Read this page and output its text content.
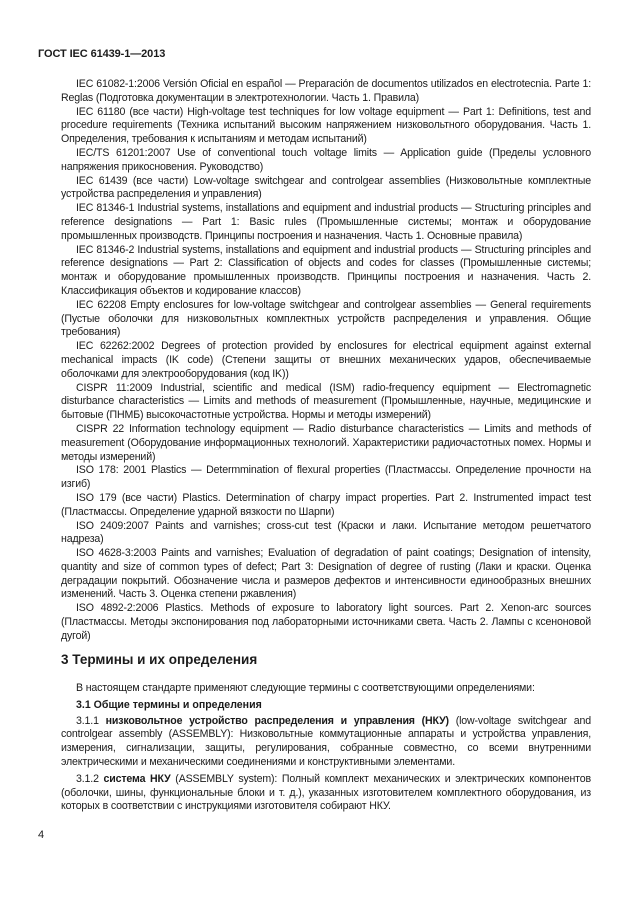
ГОСТ IEC 61439-1—2013

IEC 61082-1:2006 Versión Oficial en español — Preparación de documentos utilizados en electrotecnia. Parte 1: Reglas (Подготовка документации в электротехнологии. Часть 1. Правила)

IEC 61180 (все части) High-voltage test techniques for low voltage equipment — Part 1: Definitions, test and procedure requirements (Техника испытаний высоким напряжением низковольтного оборудования. Часть 1. Определения, требования к испытаниям и методам испытаний)

IEC/TS 61201:2007 Use of conventional touch voltage limits — Application guide (Пределы условного напряжения прикосновения. Руководство)

IEC 61439 (все части) Low-voltage switchgear and controlgear assemblies (Низковольтные комплектные устройства распределения и управления)

IEC 81346-1 Industrial systems, installations and equipment and industrial products — Structuring principles and reference designations — Part 1: Basic rules (Промышленные системы; монтаж и оборудование промышленных производств. Принципы построения и назначения. Часть 1. Основные правила)

IEC 81346-2 Industrial systems, installations and equipment and industrial products — Structuring principles and reference designations — Part 2: Classification of objects and codes for classes (Промышленные системы; монтаж и оборудование промышленных производств. Принципы построения и назначения. Часть 2. Классификация объектов и кодирование классов)

IEC 62208 Empty enclosures for low-voltage switchgear and controlgear assemblies — General requirements (Пустые оболочки для низковольтных комплектных устройств распределения и управления. Общие требования)

IEC 62262:2002 Degrees of protection provided by enclosures for electrical equipment against external mechanical impacts (IK code) (Степени защиты от внешних механических ударов, обеспечиваемые оболочками для электрооборудования (код IK))

CISPR 11:2009 Industrial, scientific and medical (ISM) radio-frequency equipment — Electromagnetic disturbance characteristics — Limits and methods of measurement (Промышленные, научные, медицинские и бытовые (ПНМБ) высокочастотные устройства. Нормы и методы измерений)

CISPR 22 Information technology equipment — Radio disturbance characteristics — Limits and methods of measurement (Оборудование информационных технологий. Характеристики радиочастотных помех. Нормы и методы измерений)

ISO 178: 2001 Plastics — Determmination of flexural properties (Пластмассы. Определение прочности на изгиб)

ISO 179 (все части) Plastics. Determination of charpy impact properties. Part 2. Instrumented impact test (Пластмассы. Определение ударной вязкости по Шарпи)

ISO 2409:2007 Paints and varnishes; cross-cut test (Краски и лаки. Испытание методом решетчатого надреза)

ISO 4628-3:2003 Paints and varnishes; Evaluation of degradation of paint coatings; Designation of intensity, quantity and size of common types of defect; Part 3: Designation of degree of rusting (Лаки и краски. Оценка деградации покрытий. Обозначение числа и размеров дефектов и интенсивности единообразных внешних изменений. Часть 3. Оценка степени ржавления)

ISO 4892-2:2006 Plastics. Methods of exposure to laboratory light sources. Part 2. Xenon-arc sources (Пластмассы. Методы экспонирования под лабораторными источниками света. Часть 2. Лампы с ксеноновой дугой)

3 Термины и их определения

В настоящем стандарте применяют следующие термины с соответствующими определениями:

3.1 Общие термины и определения

3.1.1 низковольтное устройство распределения и управления (НКУ) (low-voltage switchgear and controlgear assembly (ASSEMBLY): Низковольтные коммутационные аппараты и устройства управления, измерения, сигнализации, защиты, регулирования, собранные совместно, со всеми внутренними электрическими и механическими соединениями и конструктивными элементами.

3.1.2 система НКУ (ASSEMBLY system): Полный комплект механических и электрических компонентов (оболочки, шины, функциональные блоки и т. д.), указанных изготовителем комплектного оборудования, из которых в соответствии с инструкциями изготовителя собирают НКУ.

4
